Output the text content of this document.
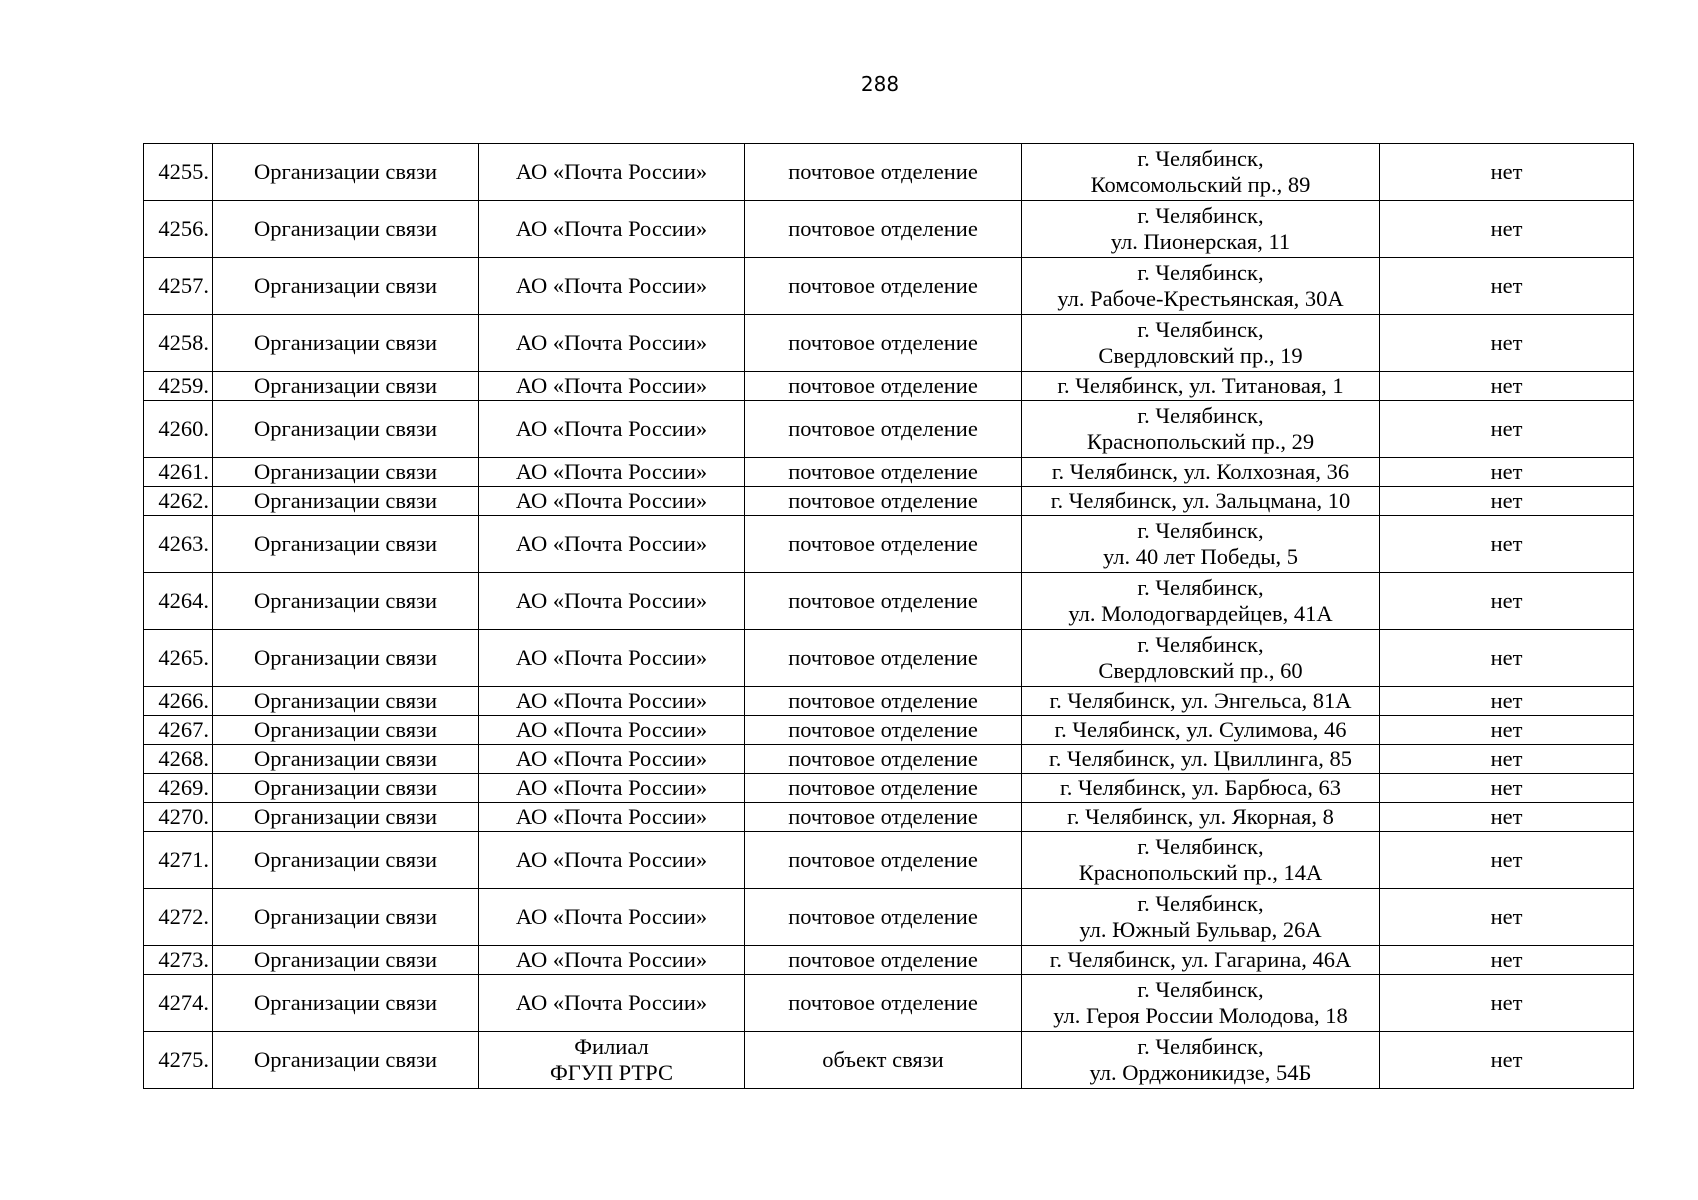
288
4255.	Организации связи	АО «Почта России»	почтовое отделение	г. Челябинск,
Комсомольский пр., 89	нет
4256.	Организации связи	АО «Почта России»	почтовое отделение	г. Челябинск,
ул. Пионерская, 11	нет
4257.	Организации связи	АО «Почта России»	почтовое отделение	г. Челябинск,
ул. Рабоче-Крестьянская, 30А	нет
4258.	Организации связи	АО «Почта России»	почтовое отделение	г. Челябинск,
Свердловский пр., 19	нет
4259.	Организации связи	АО «Почта России»	почтовое отделение	г. Челябинск, ул. Титановая, 1	нет
4260.	Организации связи	АО «Почта России»	почтовое отделение	г. Челябинск,
Краснопольский пр., 29	нет
4261.	Организации связи	АО «Почта России»	почтовое отделение	г. Челябинск, ул. Колхозная, 36	нет
4262.	Организации связи	АО «Почта России»	почтовое отделение	г. Челябинск, ул. Зальцмана, 10	нет
4263.	Организации связи	АО «Почта России»	почтовое отделение	г. Челябинск,
ул. 40 лет Победы, 5	нет
4264.	Организации связи	АО «Почта России»	почтовое отделение	г. Челябинск,
ул. Молодогвардейцев, 41А	нет
4265.	Организации связи	АО «Почта России»	почтовое отделение	г. Челябинск,
Свердловский пр., 60	нет
4266.	Организации связи	АО «Почта России»	почтовое отделение	г. Челябинск, ул. Энгельса, 81А	нет
4267.	Организации связи	АО «Почта России»	почтовое отделение	г. Челябинск, ул. Сулимова, 46	нет
4268.	Организации связи	АО «Почта России»	почтовое отделение	г. Челябинск, ул. Цвиллинга, 85	нет
4269.	Организации связи	АО «Почта России»	почтовое отделение	г. Челябинск, ул. Барбюса, 63	нет
4270.	Организации связи	АО «Почта России»	почтовое отделение	г. Челябинск, ул. Якорная, 8	нет
4271.	Организации связи	АО «Почта России»	почтовое отделение	г. Челябинск,
Краснопольский пр., 14А	нет
4272.	Организации связи	АО «Почта России»	почтовое отделение	г. Челябинск,
ул. Южный Бульвар, 26А	нет
4273.	Организации связи	АО «Почта России»	почтовое отделение	г. Челябинск, ул. Гагарина, 46А	нет
4274.	Организации связи	АО «Почта России»	почтовое отделение	г. Челябинск,
ул. Героя России Молодова, 18	нет
4275.	Организации связи	Филиал
ФГУП РТРС	объект связи	г. Челябинск,
ул. Орджоникидзе, 54Б	нет
